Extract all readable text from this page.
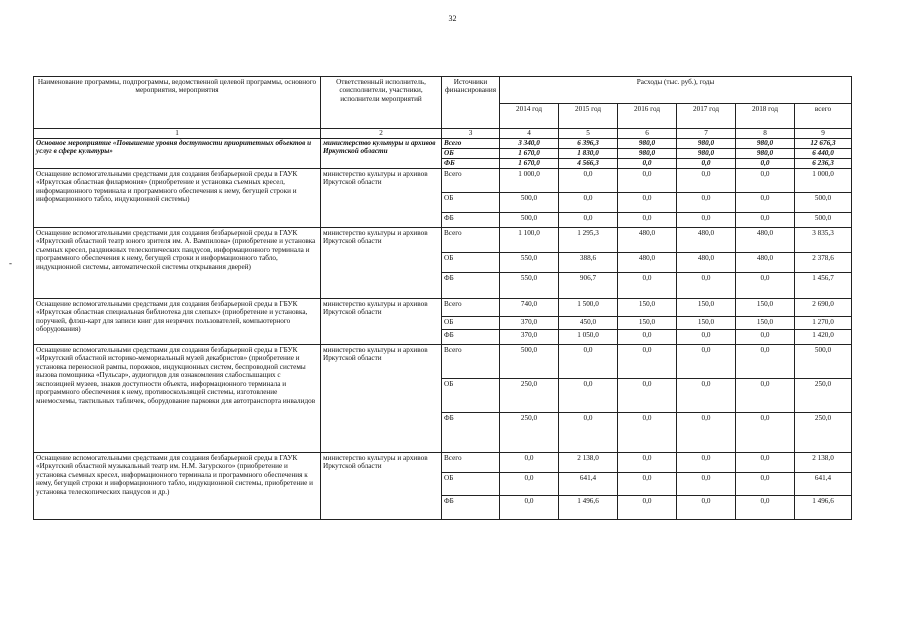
32
-
Наименование программы, подпрограммы, ведомственной целевой программы, основного мероприятия, мероприятия	Ответственный исполнитель, соисполнители, участники, исполнители мероприятий	Источники финансирования	Расходы (тыс. руб.), годы					
			2014 год	2015 год	2016 год	2017 год	2018 год	всего
1	2	3	4	5	6	7	8	9
Основное мероприятие «Повышение уровня доступности приоритетных объектов и услуг в сфере культуры»	министерство культуры и архивов Иркутской области	Всего	3 340,0	6 396,3	980,0	980,0	980,0	12 676,3
		ОБ	1 670,0	1 830,0	980,0	980,0	980,0	6 440,0
		ФБ	1 670,0	4 566,3	0,0	0,0	0,0	6 236,3
Оснащение вспомогательными средствами для создания безбарьерной среды в ГАУК «Иркутская областная филармония» (приобретение и установка съемных кресел, информационного терминала и программного обеспечения к нему, бегущей строки и информационного табло, индукционной системы)	министерство культуры и архивов Иркутской области	Всего	1 000,0	0,0	0,0	0,0	0,0	1 000,0
		ОБ	500,0	0,0	0,0	0,0	0,0	500,0
		ФБ	500,0	0,0	0,0	0,0	0,0	500,0
Оснащение вспомогательными средствами для создания безбарьерной среды в ГАУК «Иркутский областной театр юного зрителя им. А. Вампилова» (приобретение и установка съемных кресел, раздвижных телескопических пандусов, информационного терминала и программного обеспечения к нему, бегущей строки и информационного табло, индукционной системы, автоматической системы открывания дверей)	министерство культуры и архивов Иркутской области	Всего	1 100,0	1 295,3	480,0	480,0	480,0	3 835,3
		ОБ	550,0	388,6	480,0	480,0	480,0	2 378,6
		ФБ	550,0	906,7	0,0	0,0	0,0	1 456,7
Оснащение вспомогательными средствами для создания безбарьерной среды в ГБУК «Иркутская областная специальная библиотека для слепых» (приобретение и установка, поручней, флэш-карт для записи книг для незрячих пользователей, компьютерного оборудования)	министерство культуры и архивов Иркутской области	Всего	740,0	1 500,0	150,0	150,0	150,0	2 690,0
		ОБ	370,0	450,0	150,0	150,0	150,0	1 270,0
		ФБ	370,0	1 050,0	0,0	0,0	0,0	1 420,0
Оснащение вспомогательными средствами для создания безбарьерной среды в ГБУК «Иркутский областной историко-мемориальный музей декабристов» (приобретение и установка переносной рампы, порожков, индукционных систем, беспроводной системы вызова помощника «Пульсар», аудиогидов для ознакомления слабослышащих с экспозицией музеев, знаков доступности объекта, информационного терминала и программного обеспечения к нему, противоскользящей системы, изготовление мнемосхемы, тактильных табличек, оборудование парковки для автотранспорта инвалидов	министерство культуры и архивов Иркутской области	Всего	500,0	0,0	0,0	0,0	0,0	500,0
		ОБ	250,0	0,0	0,0	0,0	0,0	250,0
		ФБ	250,0	0,0	0,0	0,0	0,0	250,0
Оснащение вспомогательными средствами для создания безбарьерной среды в ГАУК «Иркутский областной музыкальный театр им. Н.М. Загурского» (приобретение и установка съемных кресел, информационного терминала и программного обеспечения к нему, бегущей строки и информационного табло, индукционной системы, приобретение и установка телескопических пандусов и др.)	министерство культуры и архивов Иркутской области	Всего	0,0	2 138,0	0,0	0,0	0,0	2 138,0
		ОБ	0,0	641,4	0,0	0,0	0,0	641,4
		ФБ	0,0	1 496,6	0,0	0,0	0,0	1 496,6
